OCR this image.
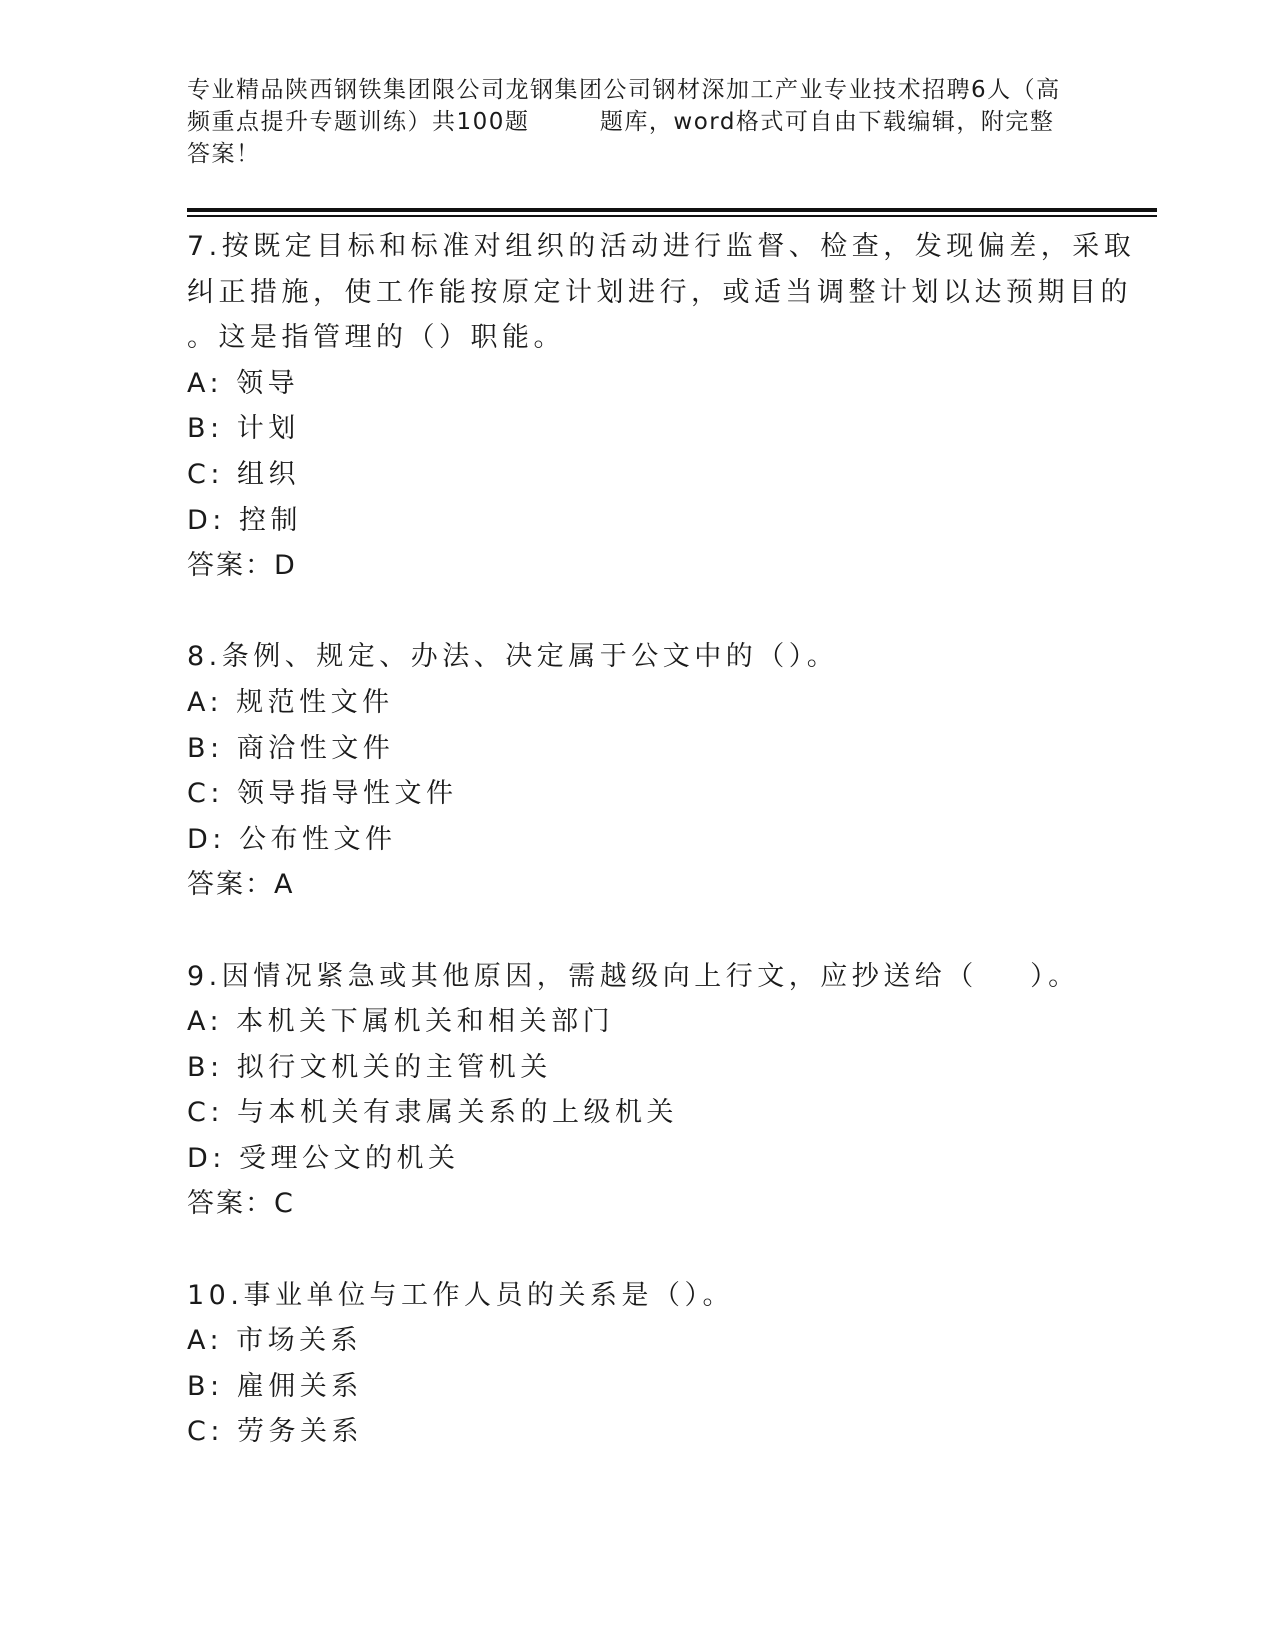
专业精品陕西钢铁集团限公司龙钢集团公司钢材深加工产业专业技术招聘6人（高
频重点提升专题训练）共100题        题库，word格式可自由下载编辑，附完整
答案！
7.按既定目标和标准对组织的活动进行监督、检查，发现偏差，采取
纠正措施，使工作能按原定计划进行，或适当调整计划以达预期目的
。这是指管理的（）职能。
A: 领导
B: 计划
C: 组织
D: 控制
答案：D
8.条例、规定、办法、决定属于公文中的（）。
A: 规范性文件
B: 商洽性文件
C: 领导指导性文件
D: 公布性文件
答案：A
9.因情况紧急或其他原因，需越级向上行文，应抄送给（    ）。
A: 本机关下属机关和相关部门
B: 拟行文机关的主管机关
C: 与本机关有隶属关系的上级机关
D: 受理公文的机关
答案：C
10.事业单位与工作人员的关系是（）。
A: 市场关系
B: 雇佣关系
C: 劳务关系
